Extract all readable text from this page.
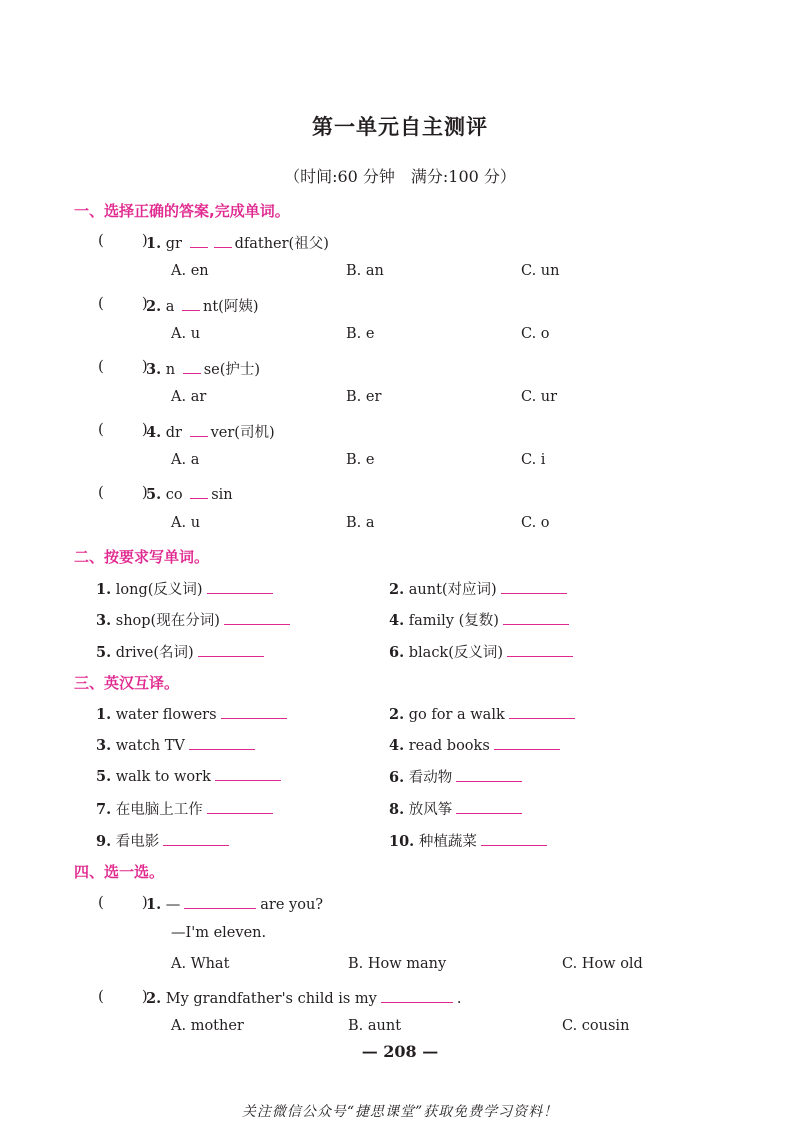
第一单元自主测评
（时间:60 分钟　满分:100 分）
一、选择正确的答案,完成单词。
(	)
1. gr	dfather(祖父)
A. en	B. an	C. un
(	)
2. a nt(阿姨)
A. u	B. e	C. o
(	)
3. n se(护士)
A. ar	B. er	C. ur
(	)
4. dr ver(司机)
A. a	B. e	C. i
(	)
5. co sin
A. u	B. a	C. o
二、按要求写单词。
1. long(反义词)	2. aunt(对应词)
3. shop(现在分词)	4. family (复数)
5. drive(名词)	6. black(反义词)
三、英汉互译。
1. water flowers	2. go for a walk
3. watch TV	4. read books
5. walk to work	6. 看动物
7. 在电脑上工作	8. 放风筝
9. 看电影	10. 种植蔬菜
四、选一选。
(	)
1. —	are you?
—I'm eleven.
A. What	B. How many	C. How old
(	)
2. My grandfather's child is my	.
A. mother	B. aunt	C. cousin
— 208 —
关注微信公众号“捷思课堂”获取免费学习资料！
